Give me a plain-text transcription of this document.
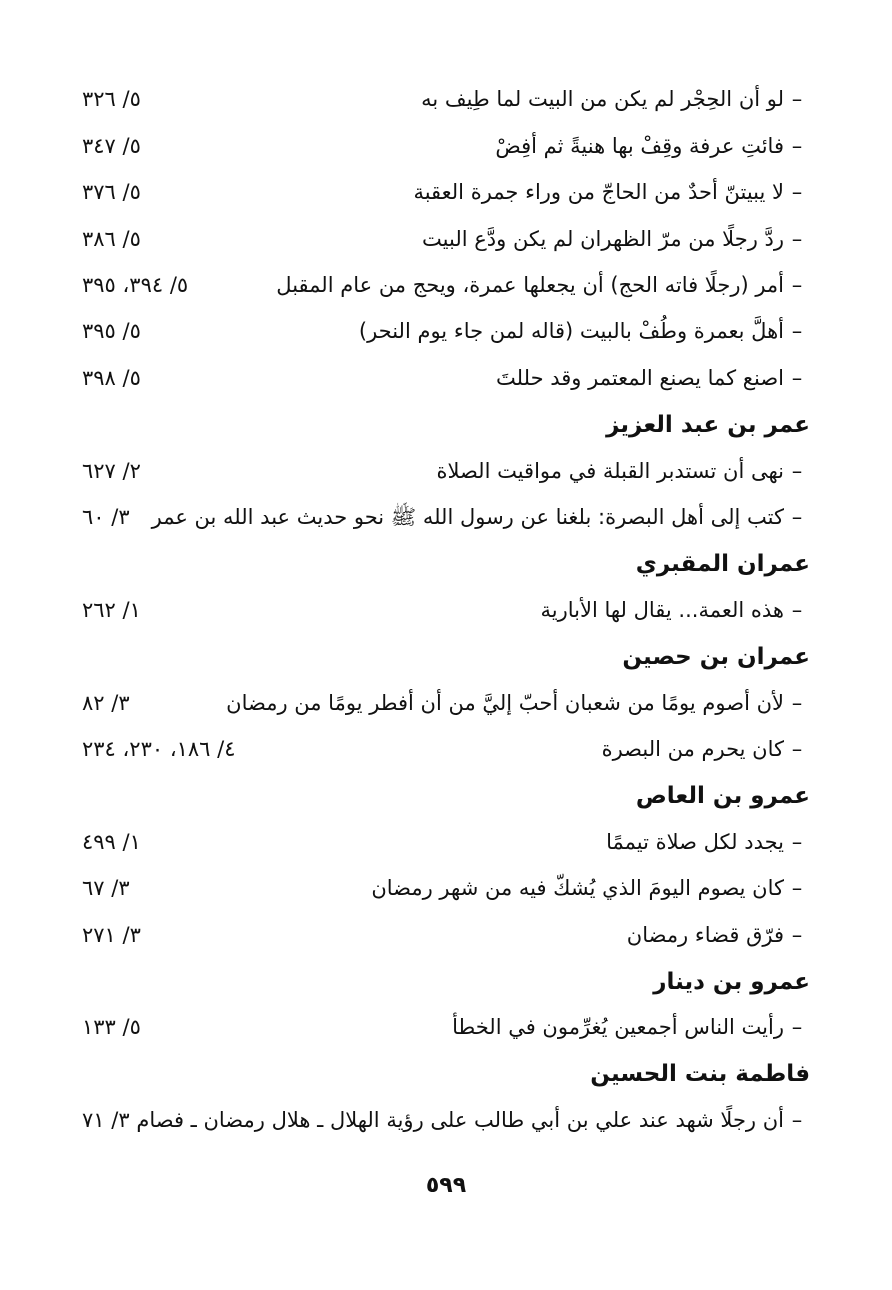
–
لو أن الحِجْر لم يكن من البيت لما طِيف به
٥/ ٣٢٦
–
فائتِ عرفة وقِفْ بها هنيةً ثم أفِضْ
٥/ ٣٤٧
–
لا يبيتنّ أحدٌ من الحاجّ من وراء جمرة العقبة
٥/ ٣٧٦
–
ردَّ رجلًا من مرّ الظهران لم يكن ودَّع البيت
٥/ ٣٨٦
–
أمر (رجلًا فاته الحج) أن يجعلها عمرة، ويحج من عام المقبل
٥/ ٣٩٤، ٣٩٥
–
أهلَّ بعمرة وطُفْ بالبيت (قاله لمن جاء يوم النحر)
٥/ ٣٩٥
–
اصنع كما يصنع المعتمر وقد حللتَ
٥/ ٣٩٨
عمر بن عبد العزيز
–
نهى أن تستدبر القبلة في مواقيت الصلاة
٢/ ٦٢٧
–
كتب إلى أهل البصرة: بلغنا عن رسول الله ﷺ نحو حديث عبد الله بن عمر
٣/ ٦٠
عمران المقبري
–
هذه العمة... يقال لها الأبارية
١/ ٢٦٢
عمران بن حصين
–
لأن أصوم يومًا من شعبان أحبّ إليَّ من أن أفطر يومًا من رمضان
٣/ ٨٢
–
كان يحرم من البصرة
٤/ ١٨٦، ٢٣٠، ٢٣٤
عمرو بن العاص
–
يجدد لكل صلاة تيممًا
١/ ٤٩٩
–
كان يصوم اليومَ الذي يُشكّ فيه من شهر رمضان
٣/ ٦٧
–
فرّق قضاء رمضان
٣/ ٢٧١
عمرو بن دينار
–
رأيت الناس أجمعين يُغرِّمون في الخطأ
٥/ ١٣٣
فاطمة بنت الحسين
–
أن رجلًا شهد عند علي بن أبي طالب على رؤية الهلال ـ هلال رمضان ـ فصام
٣/ ٧١
٥٩٩
